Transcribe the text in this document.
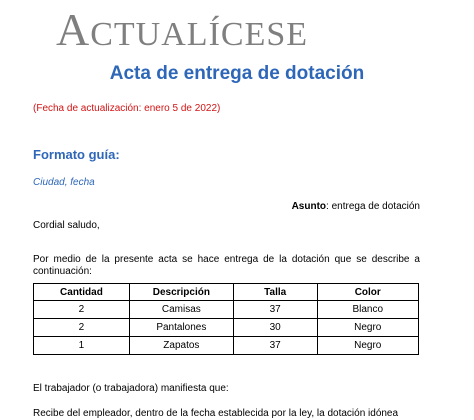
ACTUALÍCESE
Acta de entrega de dotación
(Fecha de actualización: enero 5 de 2022)
Formato guía:
Ciudad, fecha
Asunto: entrega de dotación
Cordial saludo,
Por medio de la presente acta se hace entrega de la dotación que se describe a continuación:
Cantidad	Descripción	Talla	Color
2	Camisas	37	Blanco
2	Pantalones	30	Negro
1	Zapatos	37	Negro
El trabajador (o trabajadora) manifiesta que:
Recibe del empleador, dentro de la fecha establecida por la ley, la dotación idónea
